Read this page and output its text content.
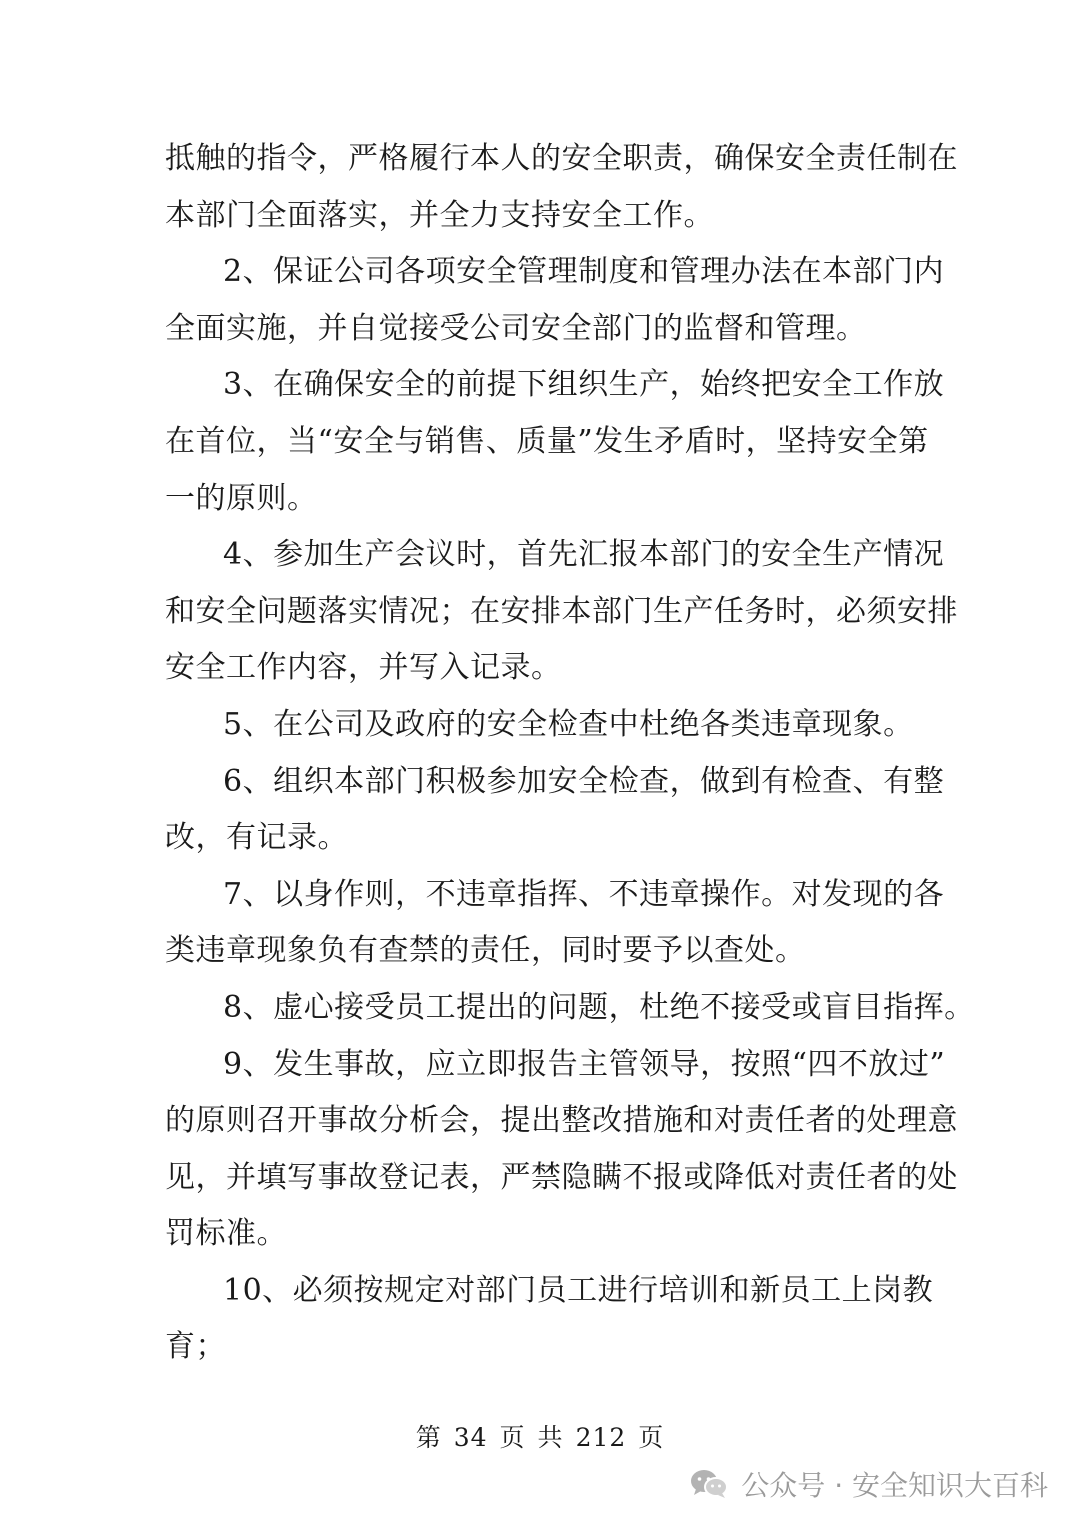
抵触的指令，严格履行本人的安全职责，确保安全责任制在
本部门全面落实，并全力支持安全工作。
2、保证公司各项安全管理制度和管理办法在本部门内
全面实施，并自觉接受公司安全部门的监督和管理。
3、在确保安全的前提下组织生产，始终把安全工作放
在首位，当“安全与销售、质量”发生矛盾时，坚持安全第
一的原则。
4、参加生产会议时，首先汇报本部门的安全生产情况
和安全问题落实情况；在安排本部门生产任务时，必须安排
安全工作内容，并写入记录。
5、在公司及政府的安全检查中杜绝各类违章现象。
6、组织本部门积极参加安全检查，做到有检查、有整
改，有记录。
7、以身作则，不违章指挥、不违章操作。对发现的各
类违章现象负有查禁的责任，同时要予以查处。
8、虚心接受员工提出的问题，杜绝不接受或盲目指挥。
9、发生事故，应立即报告主管领导，按照“四不放过”
的原则召开事故分析会，提出整改措施和对责任者的处理意
见，并填写事故登记表，严禁隐瞒不报或降低对责任者的处
罚标准。
10、必须按规定对部门员工进行培训和新员工上岗教
育；
第 34 页 共 212 页
公众号 · 安全知识大百科
